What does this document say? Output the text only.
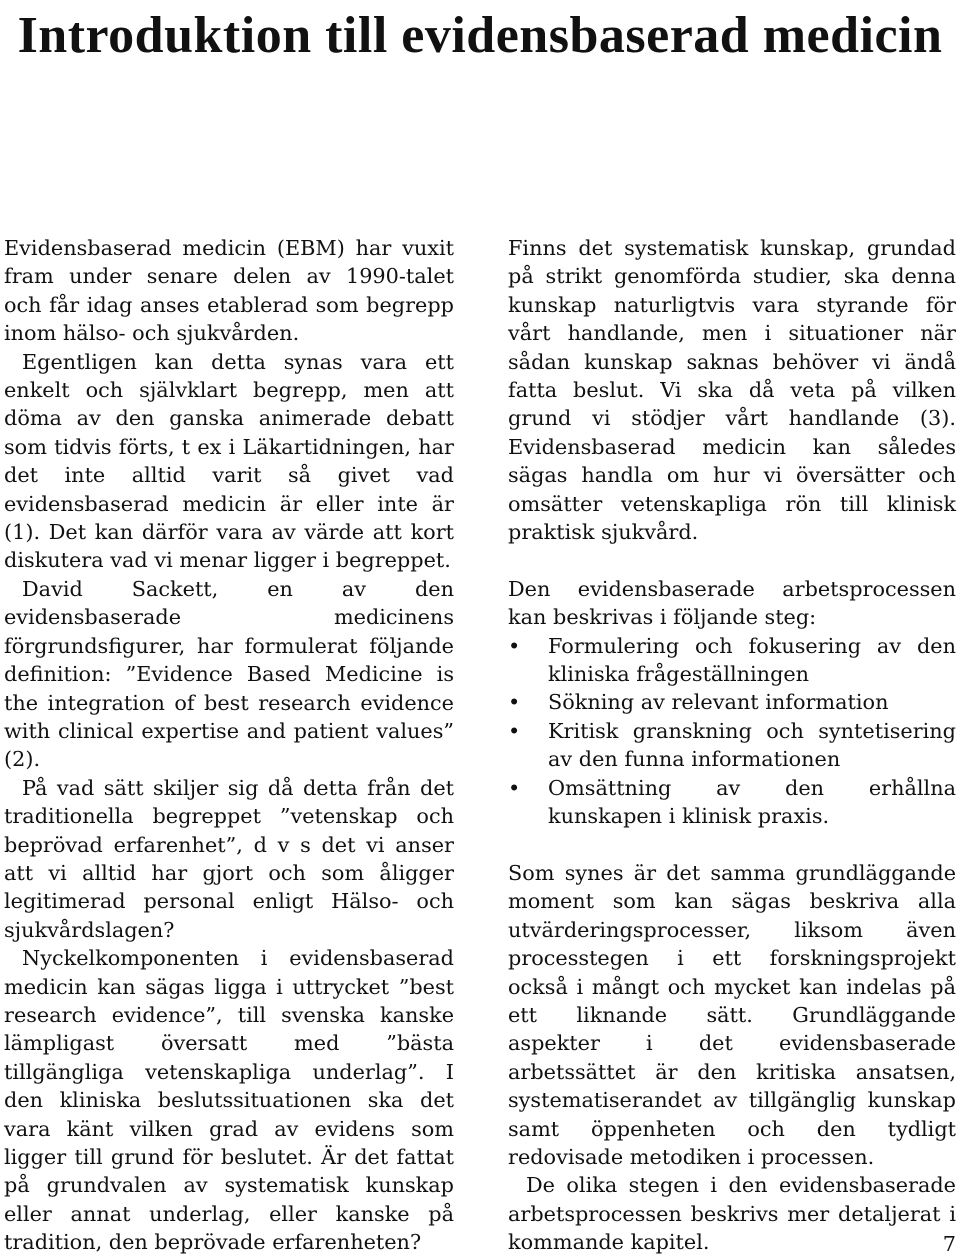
Introduktion till evidensbaserad medicin

Evidensbaserad medicin (EBM) har vuxit fram under senare delen av 1990-talet och får idag anses etablerad som begrepp inom hälso- och sjukvården.

Egentligen kan detta synas vara ett enkelt och självklart begrepp, men att döma av den ganska animerade debatt som tidvis förts, t ex i Läkartidningen, har det inte alltid varit så givet vad evidensbaserad medicin är eller inte är (1). Det kan därför vara av värde att kort diskutera vad vi menar ligger i begreppet.

David Sackett, en av den evidensbaserade medicinens förgrundsfigurer, har formulerat följande definition: ”Evidence Based Medicine is the integration of best research evidence with clinical expertise and patient values” (2).

På vad sätt skiljer sig då detta från det traditionella begreppet ”vetenskap och beprövad erfarenhet”, d v s det vi anser att vi alltid har gjort och som åligger legitimerad personal enligt Hälso- och sjukvårdslagen?

Nyckelkomponenten i evidensbaserad medicin kan sägas ligga i uttrycket ”best research evidence”, till svenska kanske lämpligast översatt med ”bästa tillgängliga vetenskapliga underlag”. I den kliniska beslutssituationen ska det vara känt vilken grad av evidens som ligger till grund för beslutet. Är det fattat på grundvalen av systematisk kunskap eller annat underlag, eller kanske på tradition, den beprövade erfarenheten?

Finns det systematisk kunskap, grundad på strikt genomförda studier, ska denna kunskap naturligtvis vara styrande för vårt handlande, men i situationer när sådan kunskap saknas behöver vi ändå fatta beslut. Vi ska då veta på vilken grund vi stödjer vårt handlande (3). Evidensbaserad medicin kan således sägas handla om hur vi översätter och omsätter vetenskapliga rön till klinisk praktisk sjukvård.

Den evidensbaserade arbetsprocessen kan beskrivas i följande steg:

• Formulering och fokusering av den kliniska frågeställningen
• Sökning av relevant information
• Kritisk granskning och syntetisering av den funna informationen
• Omsättning av den erhållna kunskapen i klinisk praxis.

Som synes är det samma grundläggande moment som kan sägas beskriva alla utvärderingsprocesser, liksom även processtegen i ett forskningsprojekt också i mångt och mycket kan indelas på ett liknande sätt. Grundläggande aspekter i det evidensbaserade arbetssättet är den kritiska ansatsen, systematiserandet av tillgänglig kunskap samt öppenheten och den tydligt redovisade metodiken i processen.

De olika stegen i den evidensbaserade arbetsprocessen beskrivs mer detaljerat i kommande kapitel.	7
